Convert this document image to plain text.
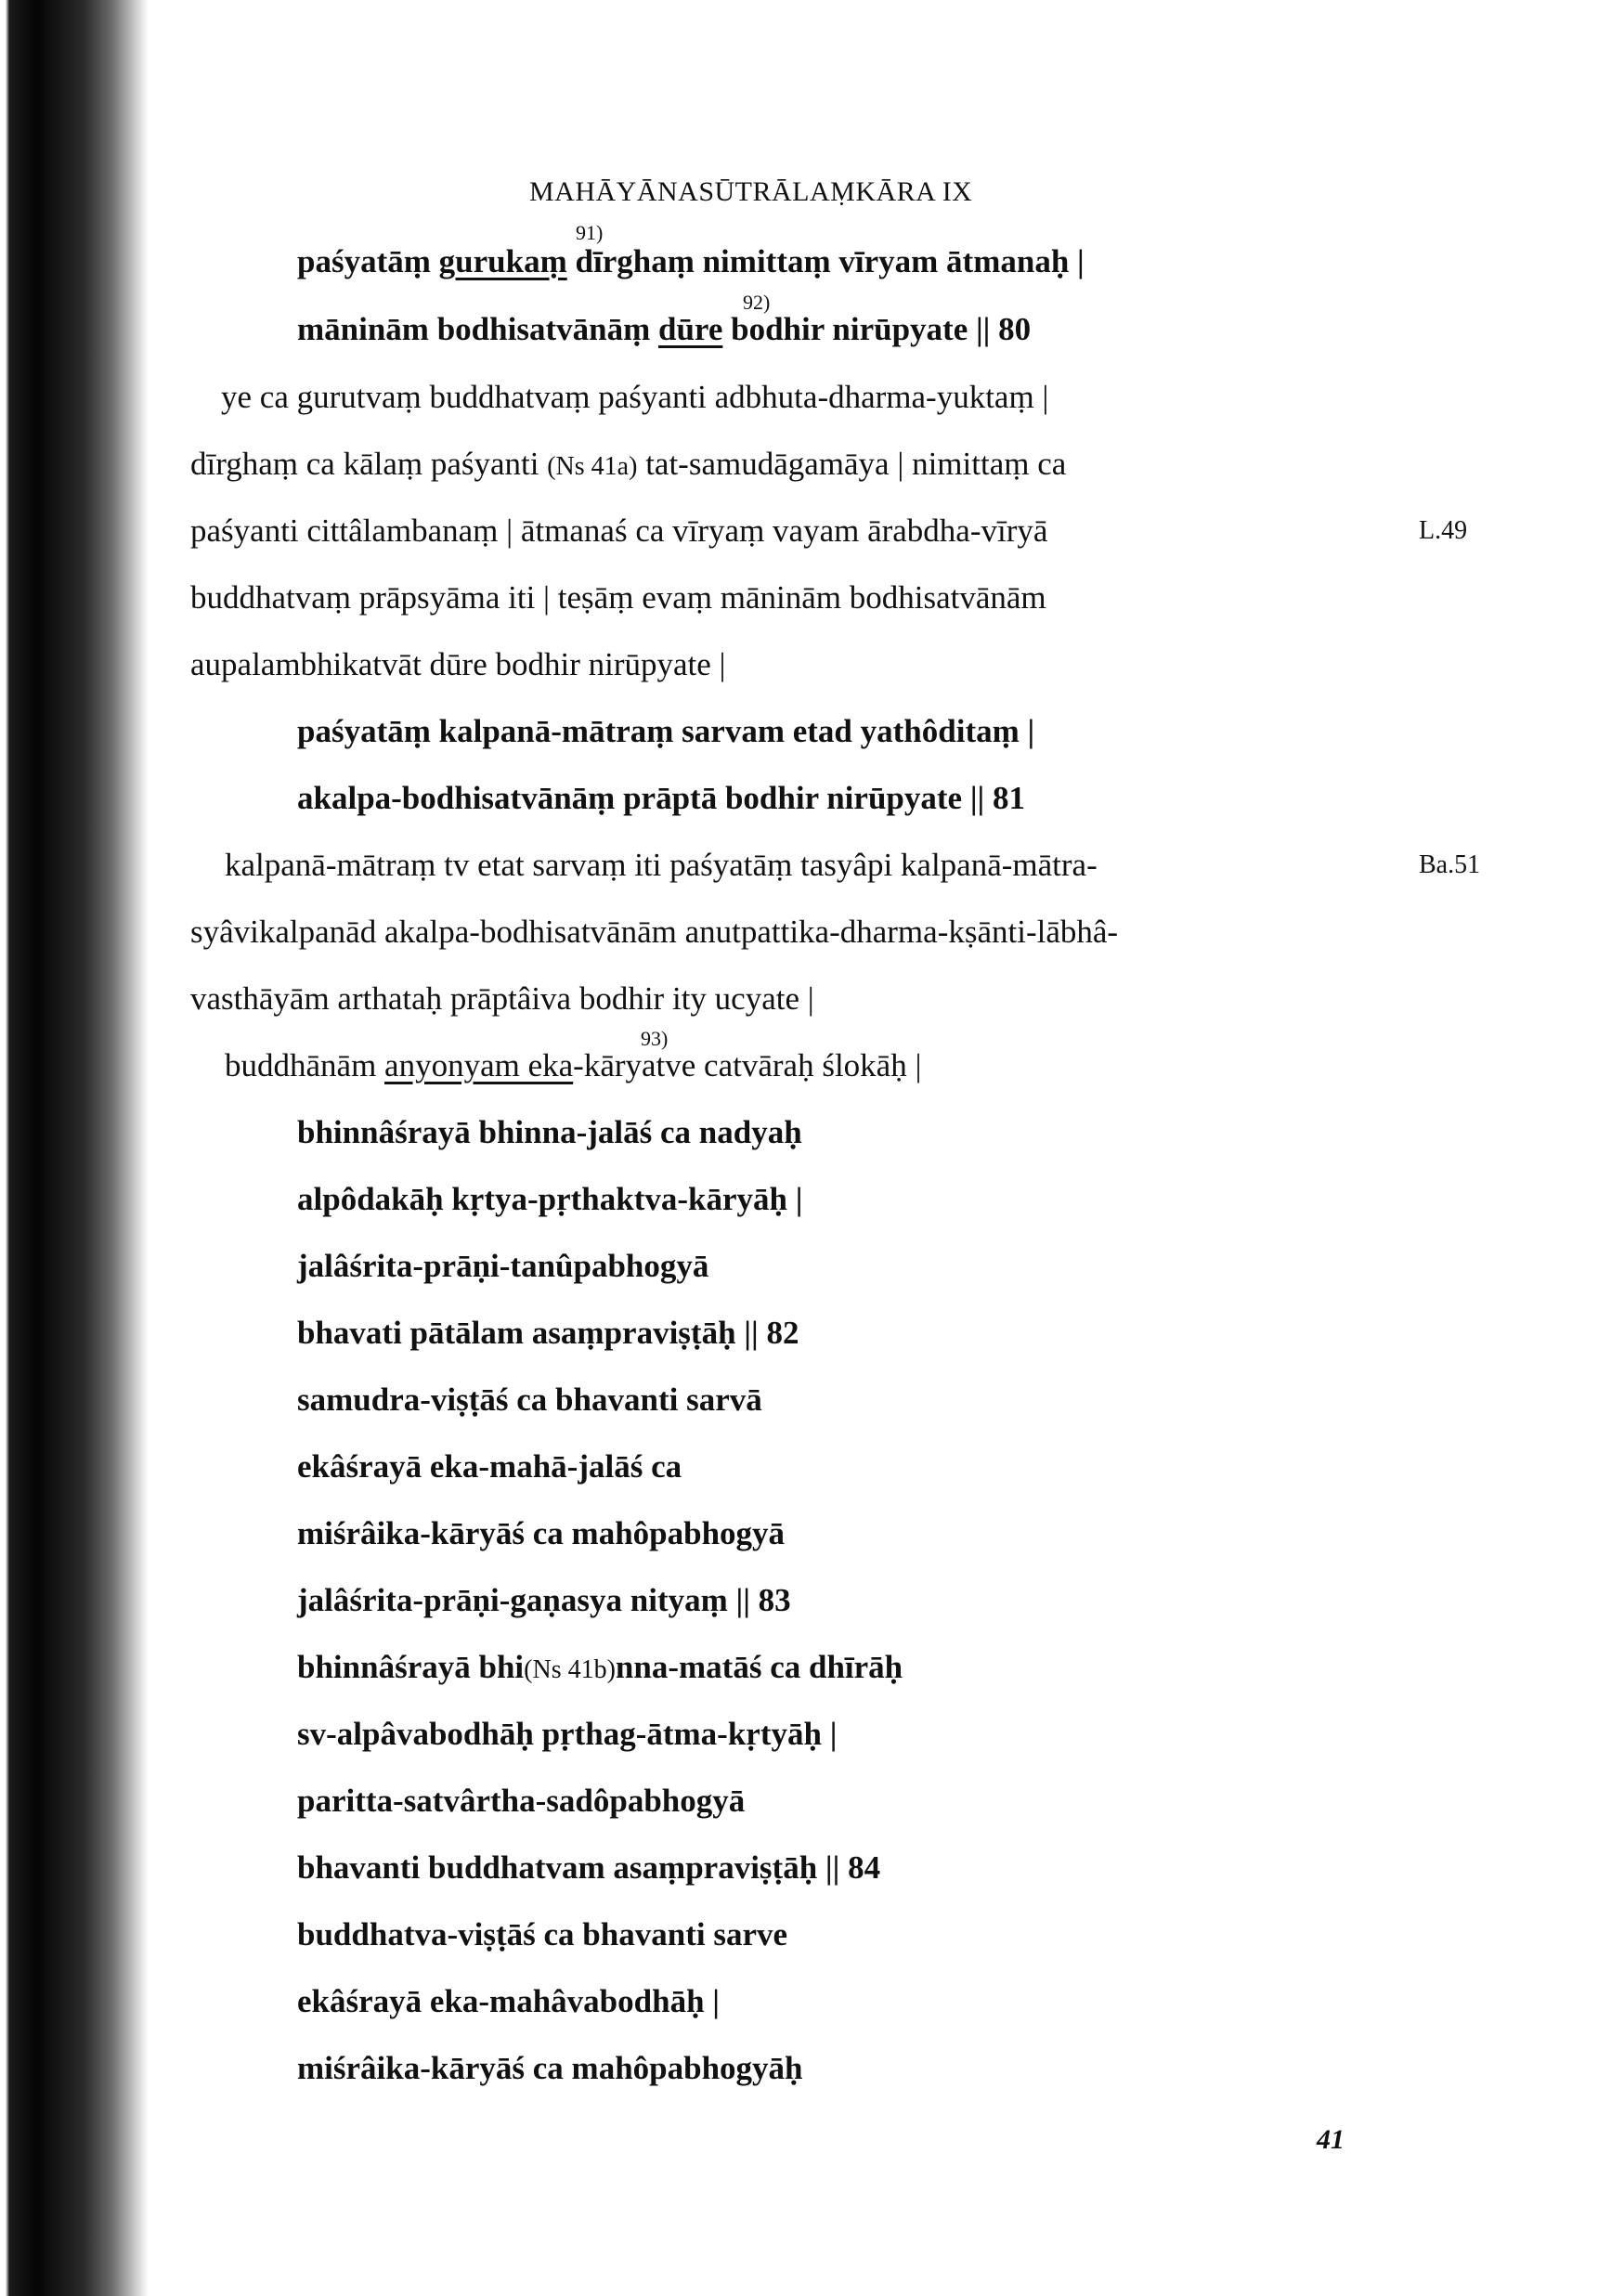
MAHĀYĀNASŪTRĀLAṂKĀRA IX
91)
paśyatāṃ gurukaṃ dīrghaṃ nimittaṃ vīryam ātmanaḥ |
92)
māninām bodhisatvānāṃ dūre bodhir nirūpyate || 80
ye ca gurutvaṃ buddhatvaṃ paśyanti adbhuta-dharma-yuktaṃ |
dīrghaṃ ca kālaṃ paśyanti (Ns 41a) tat-samudāgamāya | nimittaṃ ca
paśyanti cittâlambanaṃ | ātmanaś ca vīryaṃ vayam ārabdha-vīryā	L.49
buddhatvaṃ prāpsyāma iti | teṣāṃ evaṃ māninām bodhisatvānām
aupalambhikatvāt dūre bodhir nirūpyate |
paśyatāṃ kalpanā-mātraṃ sarvam etad yathôditaṃ |
akalpa-bodhisatvānāṃ prāptā bodhir nirūpyate || 81
kalpanā-mātraṃ tv etat sarvaṃ iti paśyatāṃ tasyâpi kalpanā-mātra-	Ba.51
syâvikalpanād akalpa-bodhisatvānām anutpattika-dharma-kṣānti-lābhâ-
vasthāyām arthataḥ prāptâiva bodhir ity ucyate |
93)
buddhānām anyonyam eka-kāryatve catvāraḥ ślokāḥ |
bhinnâśrayā bhinna-jalāś ca nadyaḥ
alpôdakāḥ kṛtya-pṛthaktva-kāryāḥ |
jalâśrita-prāṇi-tanûpabhogyā
bhavati pātālam asaṃpraviṣṭāḥ || 82
samudra-viṣṭāś ca bhavanti sarvā
ekâśrayā eka-mahā-jalāś ca
miśrâika-kāryāś ca mahôpabhogyā
jalâśrita-prāṇi-gaṇasya nityaṃ || 83
bhinnâśrayā bhi(Ns 41b)nna-matāś ca dhīrāḥ
sv-alpâvabodhāḥ pṛthag-ātma-kṛtyāḥ |
paritta-satvârtha-sadôpabhogyā
bhavanti buddhatvam asaṃpraviṣṭāḥ || 84
buddhatva-viṣṭāś ca bhavanti sarve
ekâśrayā eka-mahâvabodhāḥ |
miśrâika-kāryāś ca mahôpabhogyāḥ
41
